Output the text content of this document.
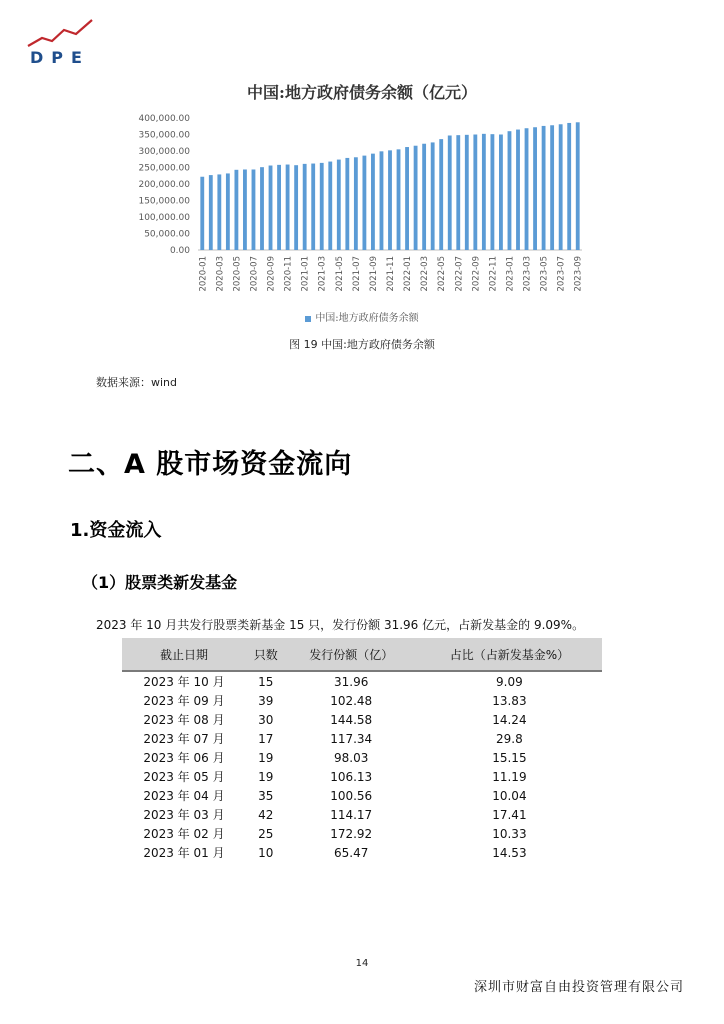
DPE
中国:地方政府债务余额（亿元）
0.00
50,000.00
100,000.00
150,000.00
200,000.00
250,000.00
300,000.00
350,000.00
400,000.00
2020-01 2020-03 2020-05 2020-07 2020-09 2020-11 2021-01 2021-03 2021-05 2021-07 2021-09 2021-11 2022-01 2022-03 2022-05 2022-07 2022-09 2022-11 2023-01 2023-03 2023-05 2023-07 2023-09
中国:地方政府债务余额
图 19 中国:地方政府债务余额
数据来源：wind
二、A 股市场资金流向
1.资金流入
（1）股票类新发基金
2023 年 10 月共发行股票类新基金 15 只，发行份额 31.96 亿元，占新发基金的 9.09%。
截止日期	只数	发行份额（亿）	占比（占新发基金%）
2023 年 10 月	15	31.96	9.09
2023 年 09 月	39	102.48	13.83
2023 年 08 月	30	144.58	14.24
2023 年 07 月	17	117.34	29.8
2023 年 06 月	19	98.03	15.15
2023 年 05 月	19	106.13	11.19
2023 年 04 月	35	100.56	10.04
2023 年 03 月	42	114.17	17.41
2023 年 02 月	25	172.92	10.33
2023 年 01 月	10	65.47	14.53
14
深圳市财富自由投资管理有限公司
